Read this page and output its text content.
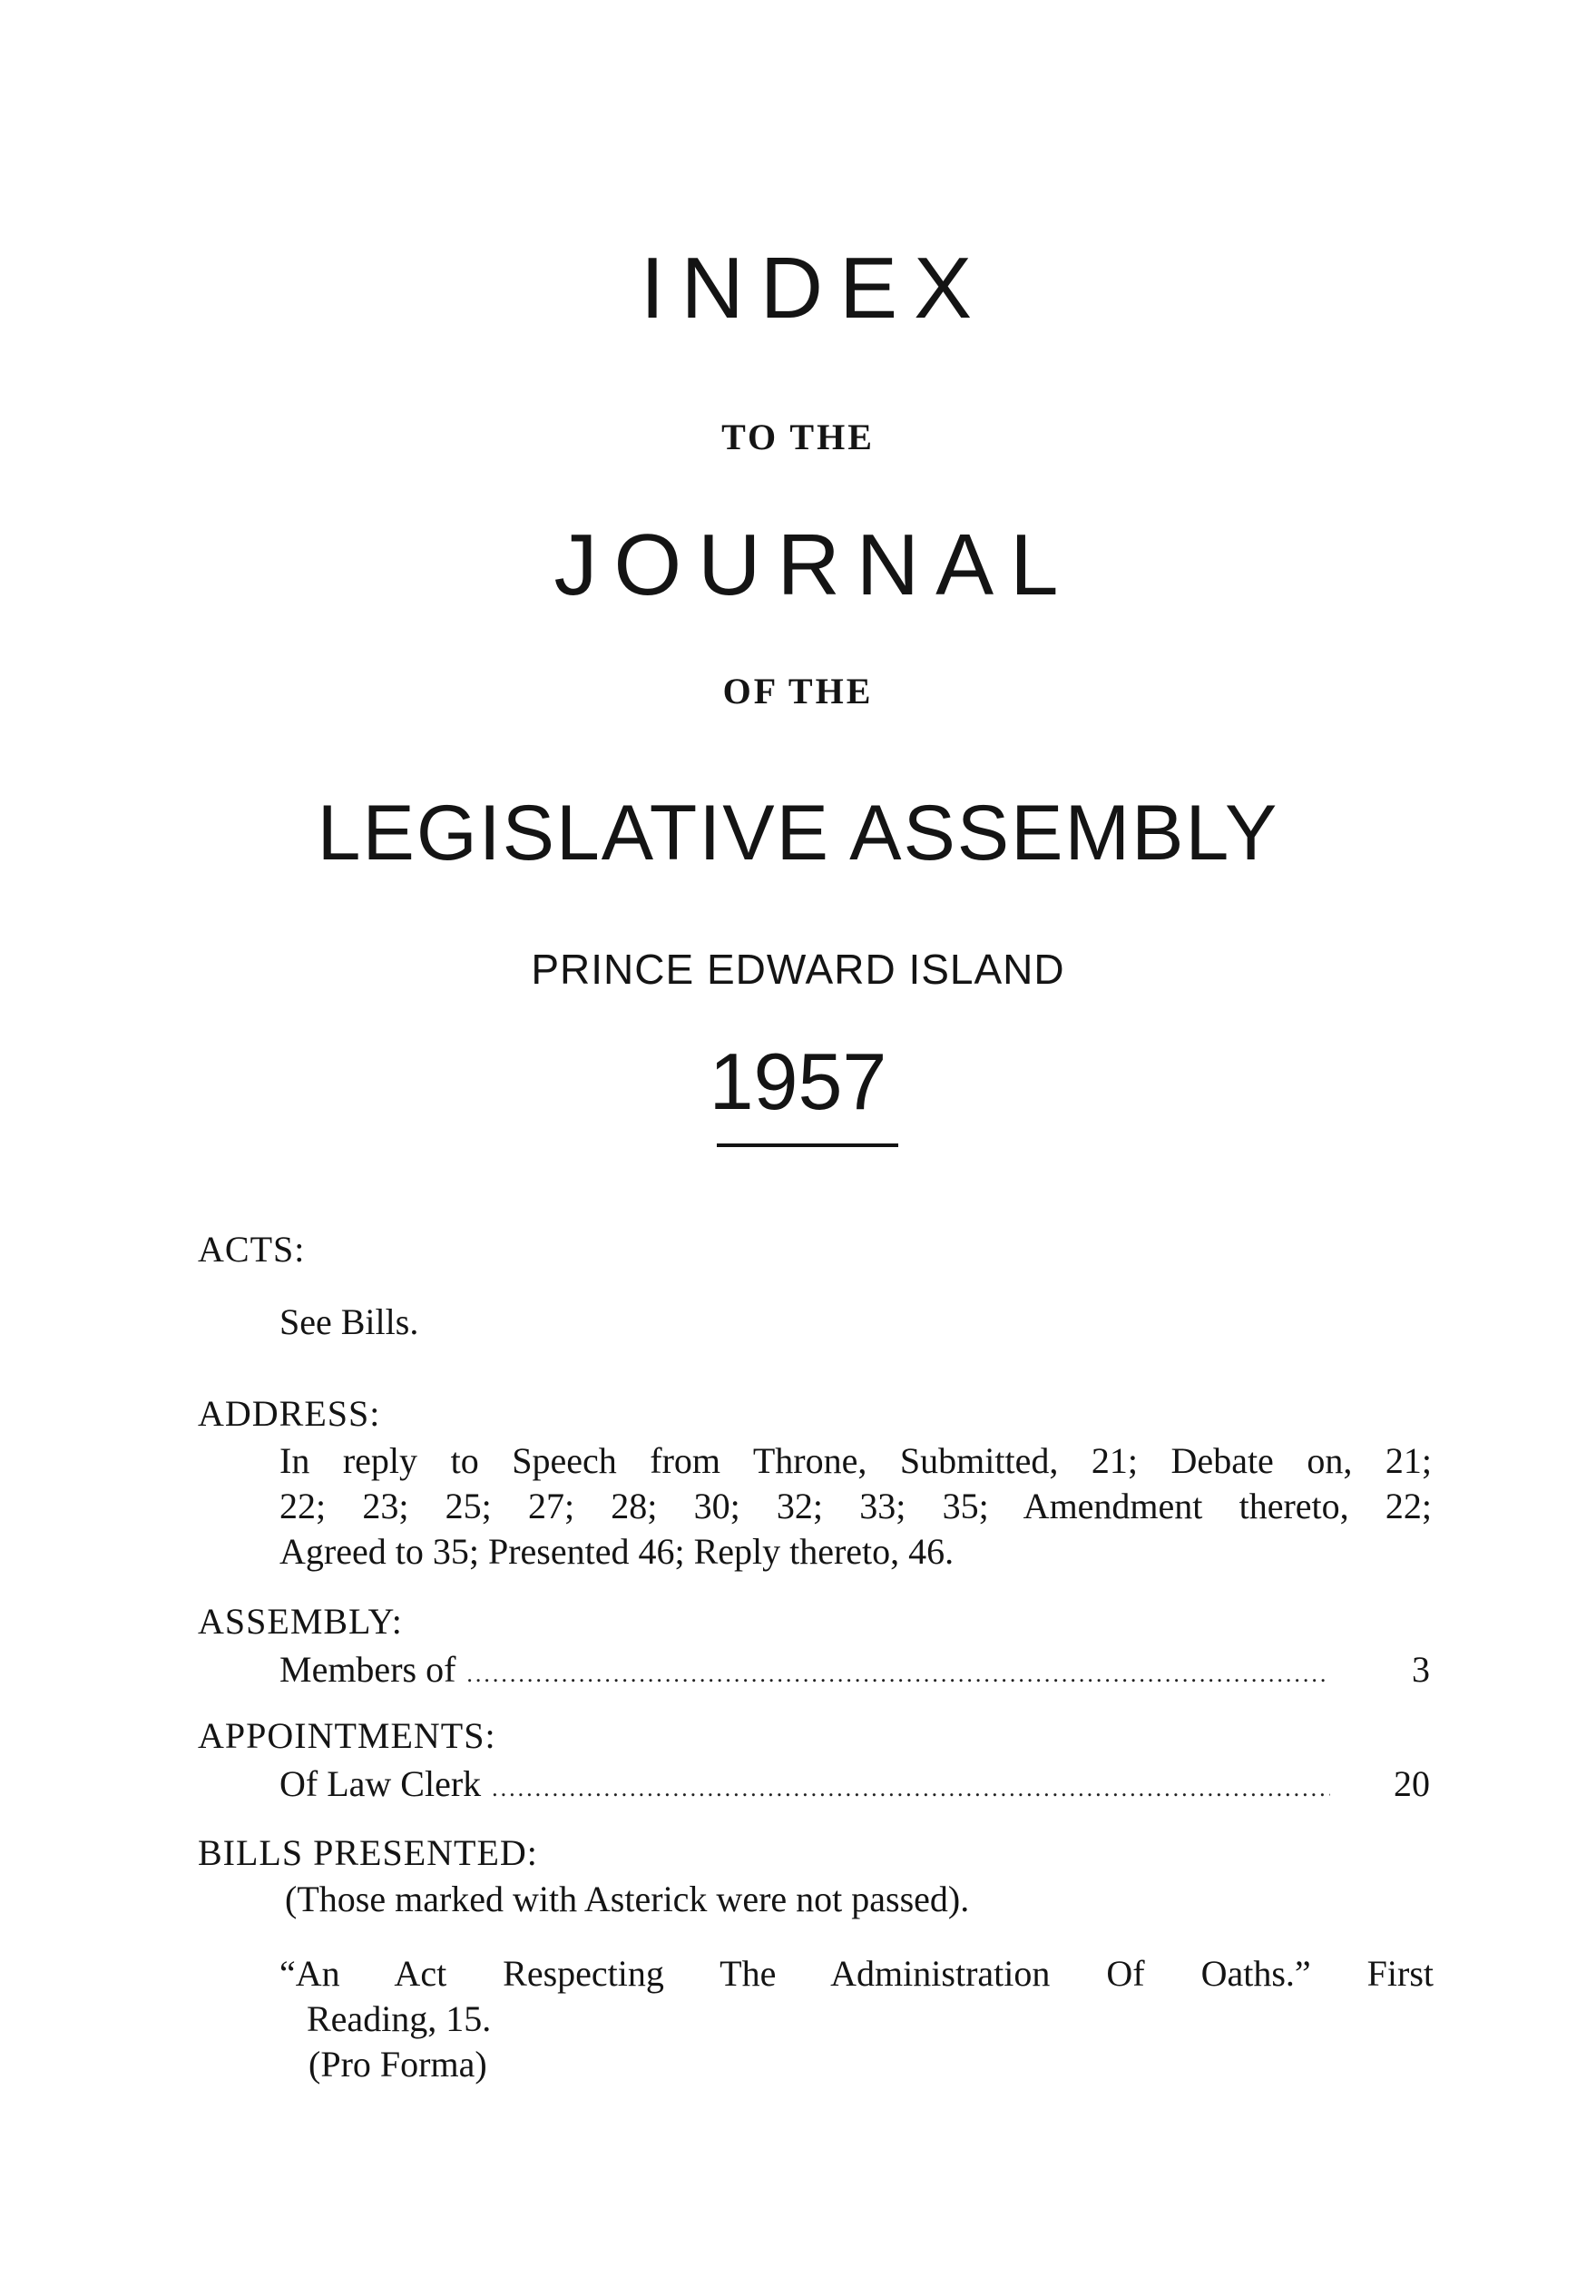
INDEX
TO THE
JOURNAL
OF THE
LEGISLATIVE ASSEMBLY
PRINCE EDWARD ISLAND
1957
ACTS:
See Bills.
ADDRESS:
In reply to Speech from Throne, Submitted, 21; Debate on, 21;
22; 23; 25; 27; 28; 30; 32; 33; 35; Amendment thereto, 22;
Agreed to 35; Presented 46; Reply thereto, 46.
ASSEMBLY:
Members of .....	3
APPOINTMENTS:
Of Law Clerk .....	20
BILLS PRESENTED:
(Those marked with Asterick were not passed).
“An Act Respecting The Administration Of Oaths.” First
Reading, 15.
(Pro Forma)
